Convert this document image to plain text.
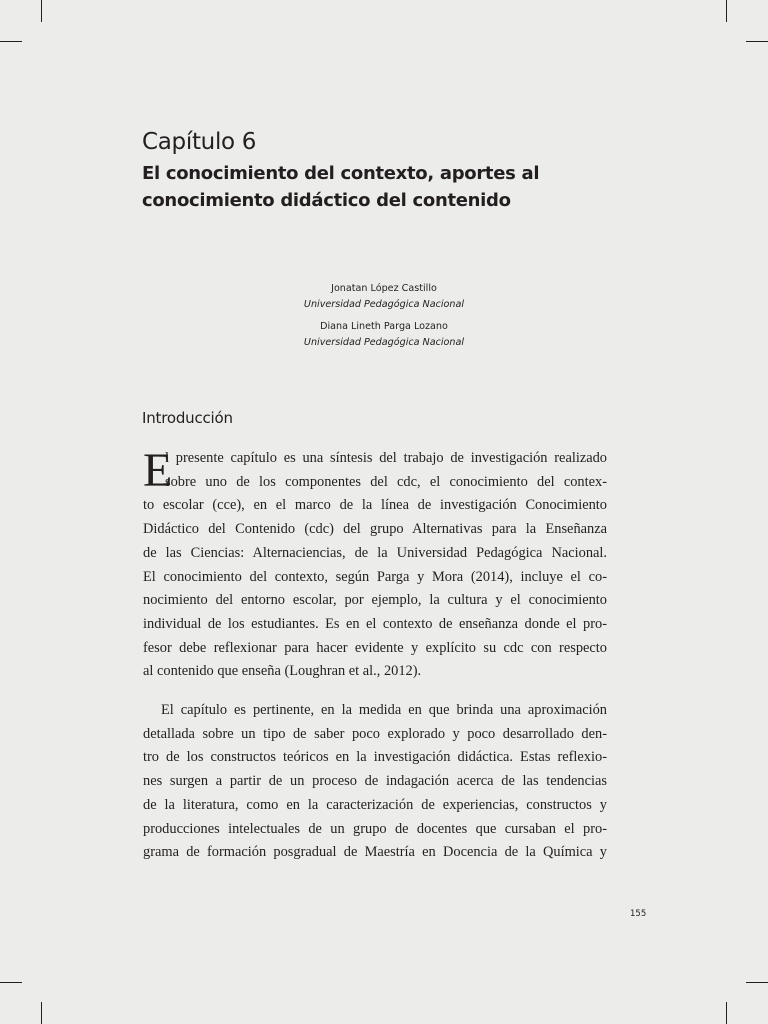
Capítulo 6
El conocimiento del contexto, aportes al
conocimiento didáctico del contenido
Jonatan López Castillo
Universidad Pedagógica Nacional
Diana Lineth Parga Lozano
Universidad Pedagógica Nacional
Introducción
E

l presente capítulo es una síntesis del trabajo de investigación realizado
sobre uno de los componentes del cdc, el conocimiento del contex-
to escolar (cce), en el marco de la línea de investigación Conocimiento
Didáctico del Contenido (cdc) del grupo Alternativas para la Enseñanza
de las Ciencias: Alternaciencias, de la Universidad Pedagógica Nacional.
El conocimiento del contexto, según Parga y Mora (2014), incluye el co-
nocimiento del entorno escolar, por ejemplo, la cultura y el conocimiento
individual de los estudiantes. Es en el contexto de enseñanza donde el pro-
fesor debe reflexionar para hacer evidente y explícito su cdc con respecto
al contenido que enseña (Loughran et al., 2012).

El capítulo es pertinente, en la medida en que brinda una aproximación
detallada sobre un tipo de saber poco explorado y poco desarrollado den-
tro de los constructos teóricos en la investigación didáctica. Estas reflexio-
nes surgen a partir de un proceso de indagación acerca de las tendencias
de la literatura, como en la caracterización de experiencias, constructos y
producciones intelectuales de un grupo de docentes que cursaban el pro-
grama de formación posgradual de Maestría en Docencia de la Química y

155
